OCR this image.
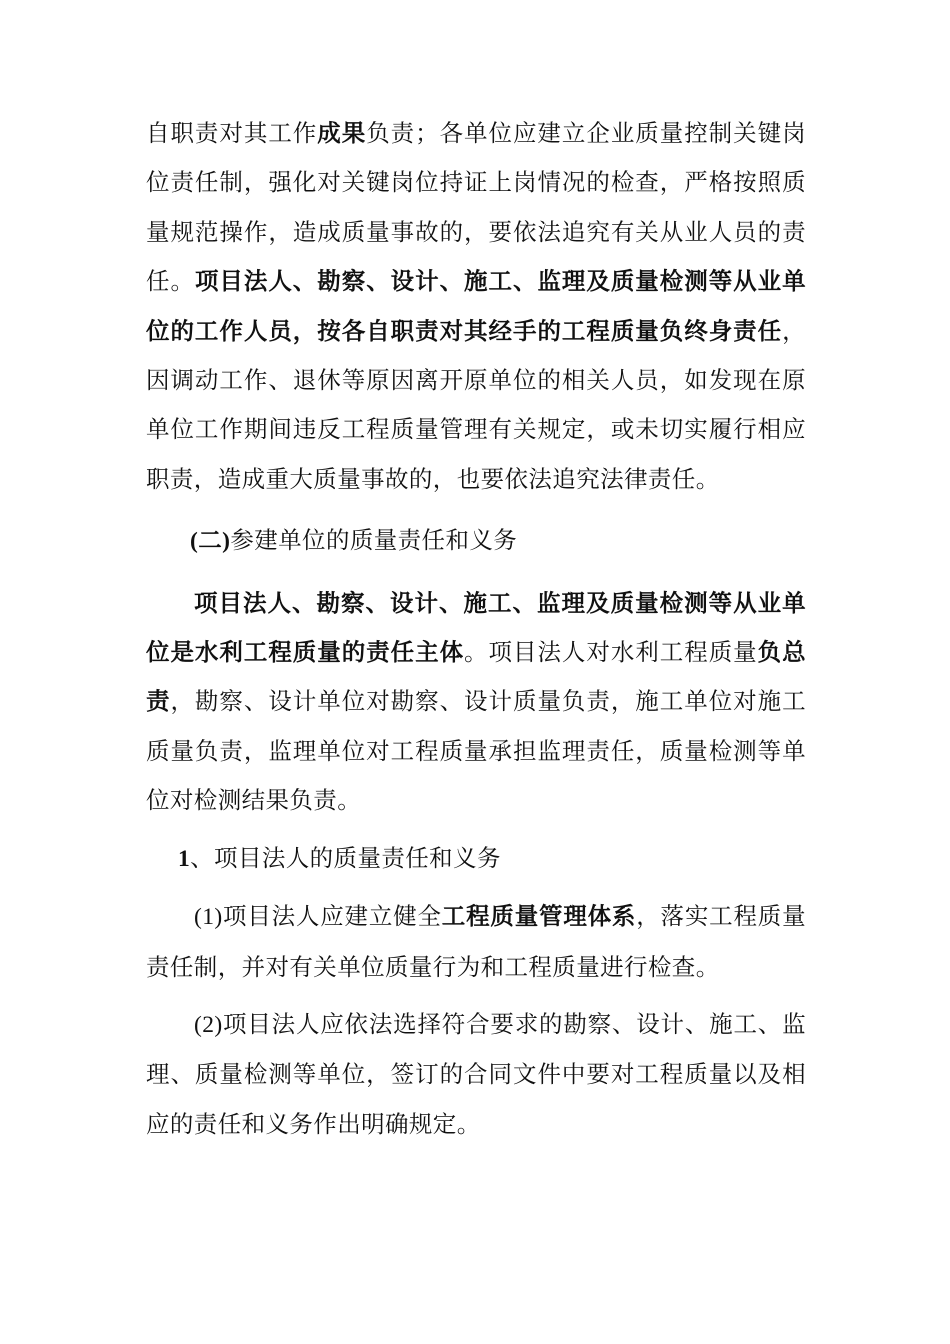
自职责对其工作成果负责；各单位应建立企业质量控制关键岗位责任制，强化对关键岗位持证上岗情况的检查，严格按照质量规范操作，造成质量事故的，要依法追究有关从业人员的责任。项目法人、勘察、设计、施工、监理及质量检测等从业单位的工作人员，按各自职责对其经手的工程质量负终身责任，因调动工作、退休等原因离开原单位的相关人员，如发现在原单位工作期间违反工程质量管理有关规定，或未切实履行相应职责，造成重大质量事故的，也要依法追究法律责任。

(二)参建单位的质量责任和义务

项目法人、勘察、设计、施工、监理及质量检测等从业单位是水利工程质量的责任主体。项目法人对水利工程质量负总责，勘察、设计单位对勘察、设计质量负责，施工单位对施工质量负责，监理单位对工程质量承担监理责任，质量检测等单位对检测结果负责。

1、项目法人的质量责任和义务

(1)项目法人应建立健全工程质量管理体系，落实工程质量责任制，并对有关单位质量行为和工程质量进行检查。

(2)项目法人应依法选择符合要求的勘察、设计、施工、监理、质量检测等单位，签订的合同文件中要对工程质量以及相应的责任和义务作出明确规定。
